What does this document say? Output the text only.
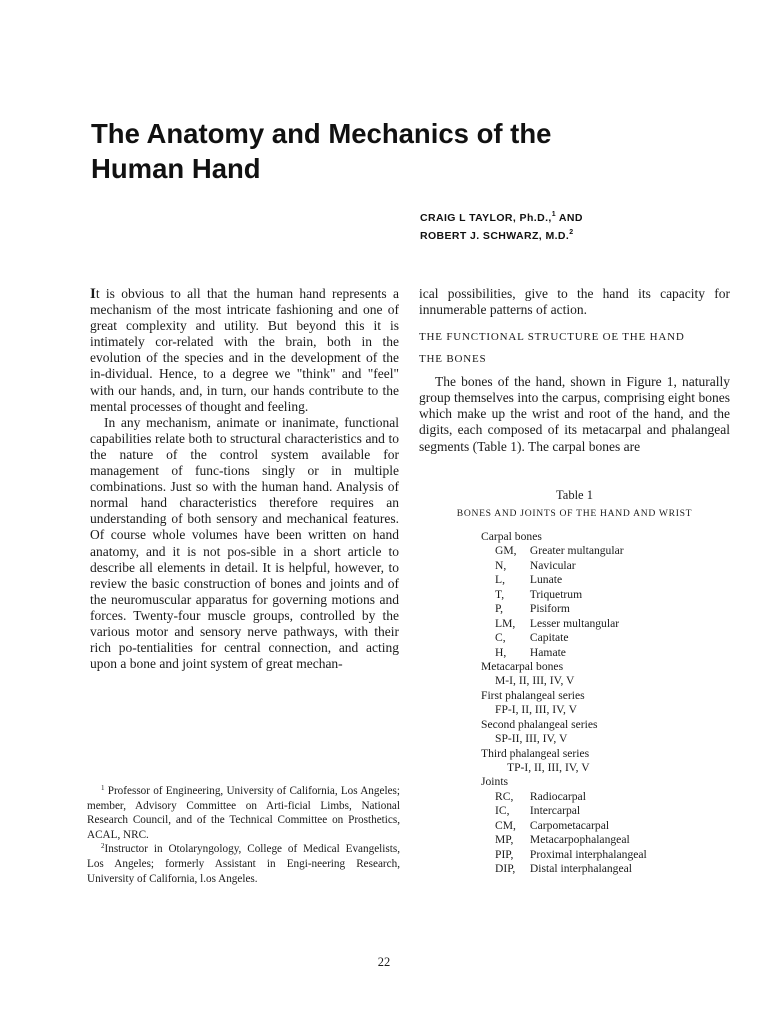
The Anatomy and Mechanics of the
Human Hand
CRAIG L TAYLOR, Ph.D.,$^1$ AND
ROBERT J. SCHWARZ, M.D.$^2$

It is obvious to all that the human hand represents a mechanism of the most intricate fashioning and one of great complexity and utility. But beyond this it is intimately cor-related with the brain, both in the evolution of the species and in the development of the in-dividual. Hence, to a degree we "think" and "feel" with our hands, and, in turn, our hands contribute to the mental processes of thought and feeling.

In any mechanism, animate or inanimate, functional capabilities relate both to structural characteristics and to the nature of the control system available for management of func-tions singly or in multiple combinations. Just so with the human hand. Analysis of normal hand characteristics therefore requires an understanding of both sensory and mechanical features. Of course whole volumes have been written on hand anatomy, and it is not pos-sible in a short article to describe all elements in detail. It is helpful, however, to review the basic construction of bones and joints and of the neuromuscular apparatus for governing motions and forces. Twenty-four muscle groups, controlled by the various motor and sensory nerve pathways, with their rich po-tentialities for central connection, and acting upon a bone and joint system of great mechan-

$^1$ Professor of Engineering, University of California, Los Angeles; member, Advisory Committee on Arti-ficial Limbs, National Research Council, and of the Technical Committee on Prosthetics, ACAL, NRC.

$^2$Instructor in Otolaryngology, College of Medical Evangelists, Los Angeles; formerly Assistant in Engi-neering Research, University of California, l.os Angeles.

ical possibilities, give to the hand its capacity for innumerable patterns of action.

THE FUNCTIONAL STRUCTURE OE THE HAND

THE BONES

The bones of the hand, shown in Figure 1, naturally group themselves into the carpus, comprising eight bones which make up the wrist and root of the hand, and the digits, each composed of its metacarpal and phalangeal segments (Table 1). The carpal bones are

Table 1
BONES AND JOINTS OF THE HAND AND WRIST
Carpal bones
GM, Greater multangular
N, Navicular
L, Lunate
T, Triquetrum
P, Pisiform
LM, Lesser multangular
C, Capitate
H, Hamate
Metacarpal bones
M-I, II, III, IV, V
First phalangeal series
FP-I, II, III, IV, V
Second phalangeal series
SP-II, III, IV, V
Third phalangeal series
TP-I, II, III, IV, V
Joints
RC, Radiocarpal
IC, Intercarpal
CM, Carpometacarpal
MP, Metacarpophalangeal
PIP, Proximal interphalangeal
DIP, Distal interphalangeal
22
